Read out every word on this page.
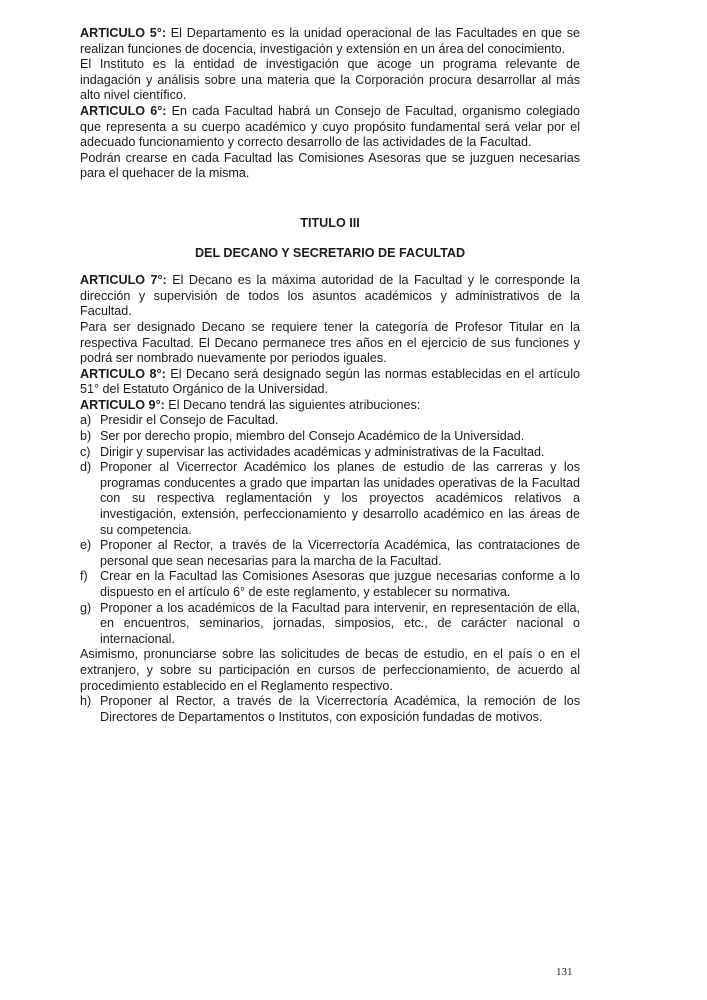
ARTICULO 5°: El Departamento es la unidad operacional de las Facultades en que se realizan funciones de docencia, investigación y extensión en un área del conocimiento.

El Instituto es la entidad de investigación que acoge un programa relevante de indagación y análisis sobre una materia que la Corporación procura desarrollar al más alto nivel científico.

ARTICULO 6°: En cada Facultad habrá un Consejo de Facultad, organismo colegiado que representa a su cuerpo académico y cuyo propósito fundamental será velar por el adecuado funcionamiento y correcto desarrollo de las actividades de la Facultad.

Podrán crearse en cada Facultad las Comisiones Asesoras que se juzguen necesarias para el quehacer de la misma.

TITULO III

DEL DECANO Y SECRETARIO DE FACULTAD

ARTICULO 7°: El Decano es la máxima autoridad de la Facultad y le corresponde la dirección y supervisión de todos los asuntos académicos y administrativos de la Facultad.

Para ser designado Decano se requiere tener la categoría de Profesor Titular en la respectiva Facultad. El Decano permanece tres años en el ejercicio de sus funciones y podrá ser nombrado nuevamente por periodos iguales.

ARTICULO 8°: El Decano será designado según las normas establecidas en el artículo 51° del Estatuto Orgánico de la Universidad.

ARTICULO 9°: El Decano tendrá las siguientes atribuciones:

a) Presidir el Consejo de Facultad.
b) Ser por derecho propio, miembro del Consejo Académico de la Universidad.
c) Dirigir y supervisar las actividades académicas y administrativas de la Facultad.
d) Proponer al Vicerrector Académico los planes de estudio de las carreras y los programas conducentes a grado que impartan las unidades operativas de la Facultad con su respectiva reglamentación y los proyectos académicos relativos a investigación, extensión, perfeccionamiento y desarrollo académico en las áreas de su competencia.
e) Proponer al Rector, a través de la Vicerrectoría Académica, las contrataciones de personal que sean necesarias para la marcha de la Facultad.
f) Crear en la Facultad las Comisiones Asesoras que juzgue necesarias conforme a lo dispuesto en el artículo 6° de este reglamento, y establecer su normativa.
g) Proponer a los académicos de la Facultad para intervenir, en representación de ella, en encuentros, seminarios, jornadas, simposios, etc., de carácter nacional o internacional.

Asimismo, pronunciarse sobre las solicitudes de becas de estudio, en el país o en el extranjero, y sobre su participación en cursos de perfeccionamiento, de acuerdo al procedimiento establecido en el Reglamento respectivo.

h) Proponer al Rector, a través de la Vicerrectoría Académica, la remoción de los Directores de Departamentos o Institutos, con exposición fundadas de motivos.
131
